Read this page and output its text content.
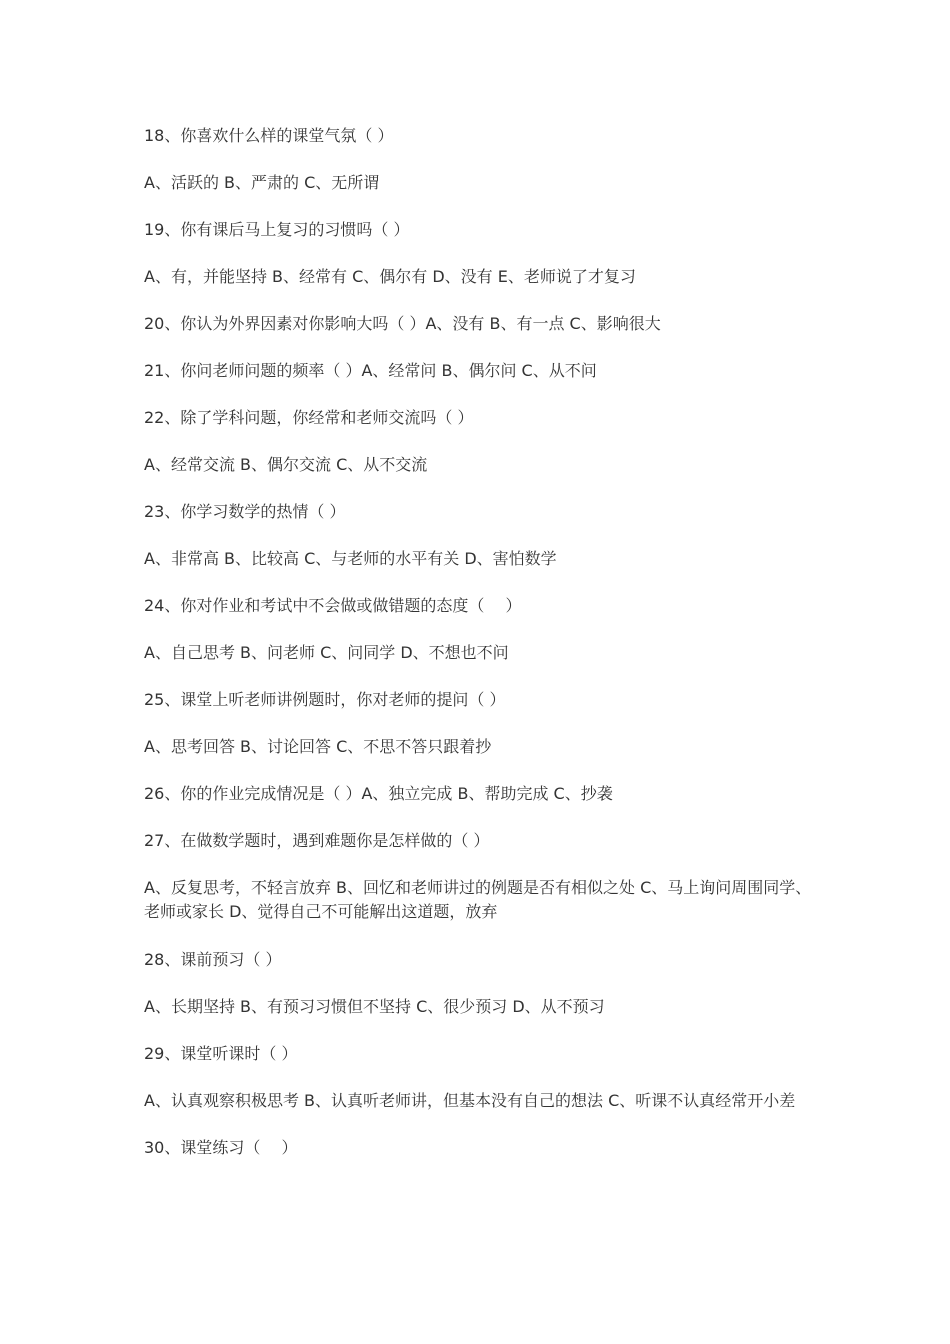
18、你喜欢什么样的课堂气氛（ ）

A、活跃的 B、严肃的 C、无所谓

19、你有课后马上复习的习惯吗（ ）

A、有，并能坚持 B、经常有 C、偶尔有 D、没有 E、老师说了才复习

20、你认为外界因素对你影响大吗（ ）A、没有 B、有一点 C、影响很大

21、你问老师问题的频率（ ）A、经常问 B、偶尔问 C、从不问

22、除了学科问题，你经常和老师交流吗（ ）

A、经常交流 B、偶尔交流 C、从不交流

23、你学习数学的热情（ ）

A、非常高 B、比较高 C、与老师的水平有关 D、害怕数学

24、你对作业和考试中不会做或做错题的态度（　 ）

A、自己思考 B、问老师 C、问同学 D、不想也不问

25、课堂上听老师讲例题时，你对老师的提问（ ）

A、思考回答 B、讨论回答 C、不思不答只跟着抄

26、你的作业完成情况是（ ）A、独立完成 B、帮助完成 C、抄袭

27、在做数学题时，遇到难题你是怎样做的（ ）

A、反复思考，不轻言放弃 B、回忆和老师讲过的例题是否有相似之处 C、马上询问周围同学、老师或家长 D、觉得自己不可能解出这道题，放弃

28、课前预习（ ）

A、长期坚持 B、有预习习惯但不坚持 C、很少预习 D、从不预习

29、课堂听课时（ ）

A、认真观察积极思考 B、认真听老师讲，但基本没有自己的想法 C、听课不认真经常开小差

30、课堂练习（　 ）
